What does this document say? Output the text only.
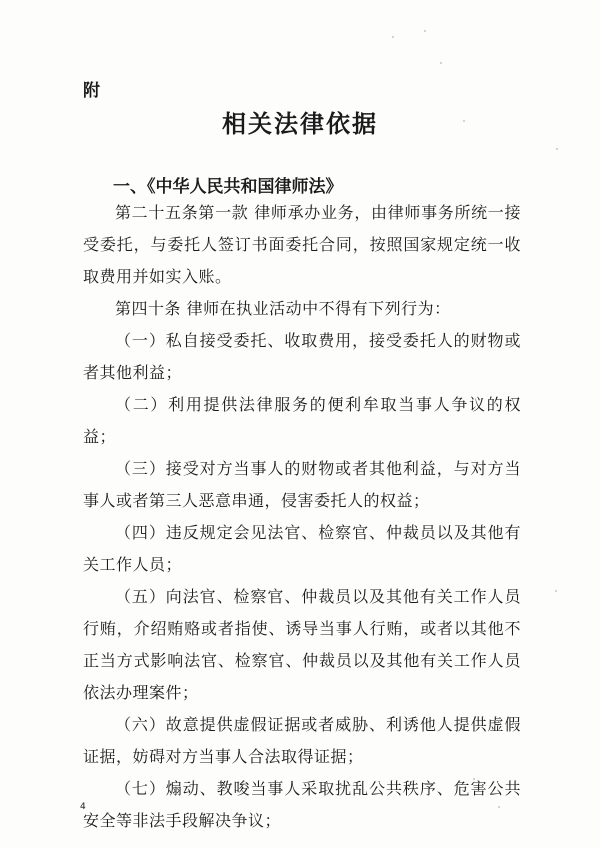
附
相关法律依据
一、《中华人民共和国律师法》

第二十五条第一款 律师承办业务，由律师事务所统一接受委托，与委托人签订书面委托合同，按照国家规定统一收取费用并如实入账。

第四十条 律师在执业活动中不得有下列行为：

（一）私自接受委托、收取费用，接受委托人的财物或者其他利益；

（二）利用提供法律服务的便利牟取当事人争议的权益；

（三）接受对方当事人的财物或者其他利益，与对方当事人或者第三人恶意串通，侵害委托人的权益；

（四）违反规定会见法官、检察官、仲裁员以及其他有关工作人员；

（五）向法官、检察官、仲裁员以及其他有关工作人员行贿，介绍贿赂或者指使、诱导当事人行贿，或者以其他不正当方式影响法官、检察官、仲裁员以及其他有关工作人员依法办理案件；

（六）故意提供虚假证据或者威胁、利诱他人提供虚假证据，妨碍对方当事人合法取得证据；

（七）煽动、教唆当事人采取扰乱公共秩序、危害公共安全等非法手段解决争议；

4
